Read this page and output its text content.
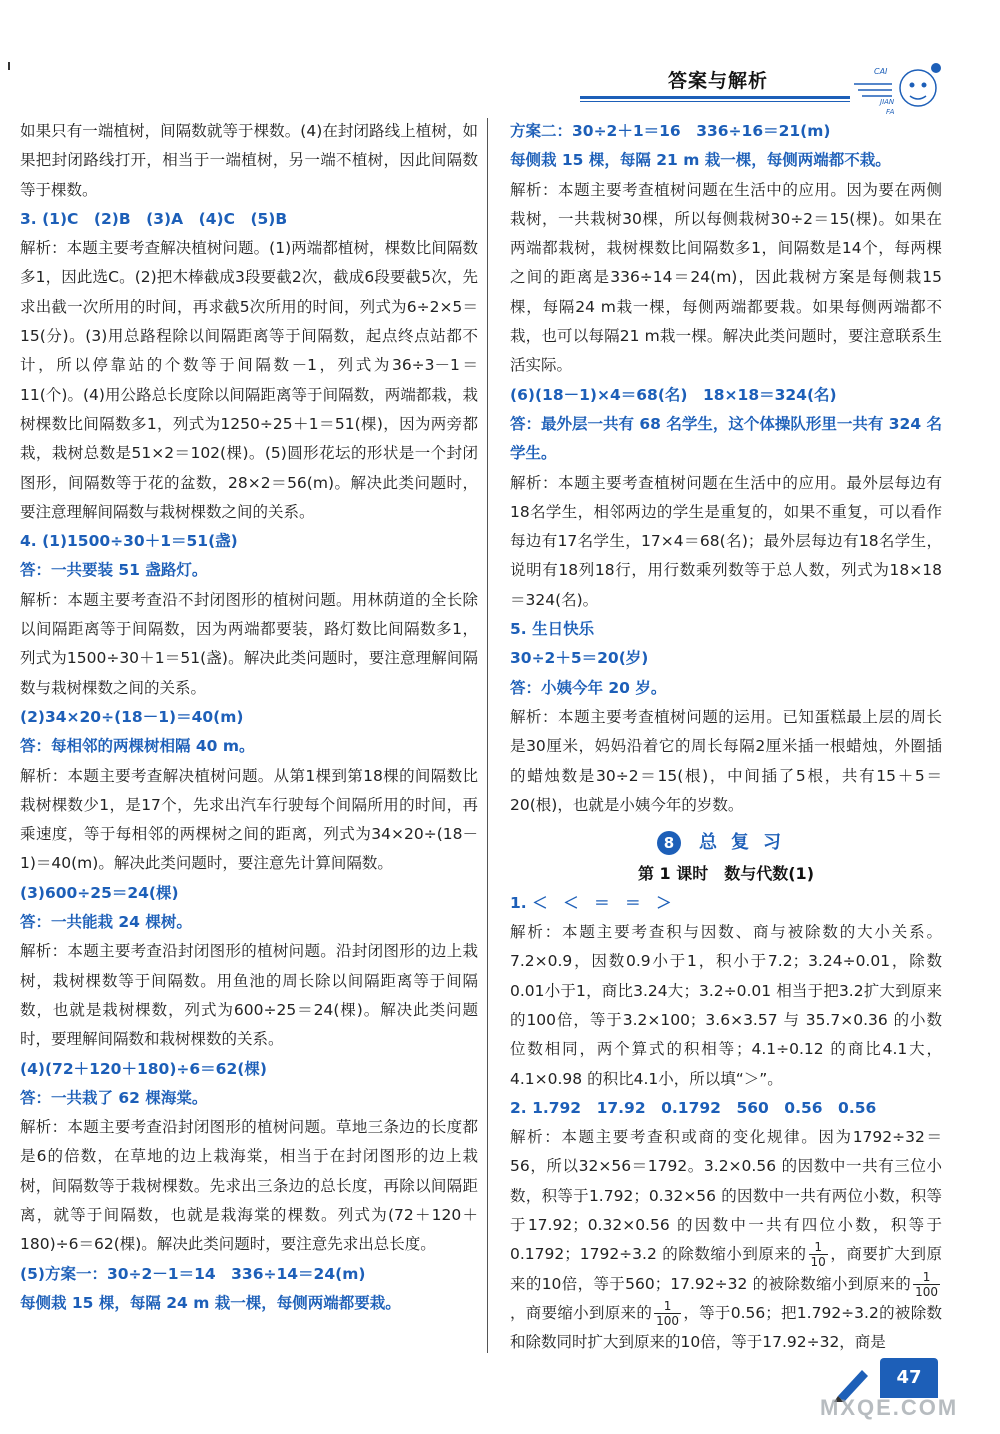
答案与解析	CAI
JIAN
FA

如果只有一端植树，间隔数就等于棵数。(4)在封闭路线上植树，如果把封闭路线打开，相当于一端植树，另一端不植树，因此间隔数等于棵数。

3. (1)C　(2)B　(3)A　(4)C　(5)B

解析：本题主要考查解决植树问题。(1)两端都植树，棵数比间隔数多1，因此选C。(2)把木棒截成3段要截2次，截成6段要截5次，先求出截一次所用的时间，再求截5次所用的时间，列式为6÷2×5＝15(分)。(3)用总路程除以间隔距离等于间隔数，起点终点站都不计，所以停靠站的个数等于间隔数－1，列式为36÷3－1＝11(个)。(4)用公路总长度除以间隔距离等于间隔数，两端都栽，栽树棵数比间隔数多1，列式为1250÷25＋1＝51(棵)，因为两旁都栽，栽树总数是51×2＝102(棵)。(5)圆形花坛的形状是一个封闭图形，间隔数等于花的盆数，28×2＝56(m)。解决此类问题时，要注意理解间隔数与栽树棵数之间的关系。

4. (1)1500÷30＋1＝51(盏)

答：一共要装 51 盏路灯。

解析：本题主要考查沿不封闭图形的植树问题。用林荫道的全长除以间隔距离等于间隔数，因为两端都要装，路灯数比间隔数多1，列式为1500÷30＋1＝51(盏)。解决此类问题时，要注意理解间隔数与栽树棵数之间的关系。

(2)34×20÷(18－1)＝40(m)

答：每相邻的两棵树相隔 40 m。

解析：本题主要考查解决植树问题。从第1棵到第18棵的间隔数比栽树棵数少1，是17个，先求出汽车行驶每个间隔所用的时间，再乘速度，等于每相邻的两棵树之间的距离，列式为34×20÷(18－1)＝40(m)。解决此类问题时，要注意先计算间隔数。

(3)600÷25＝24(棵)

答：一共能栽 24 棵树。

解析：本题主要考查沿封闭图形的植树问题。沿封闭图形的边上栽树，栽树棵数等于间隔数。用鱼池的周长除以间隔距离等于间隔数，也就是栽树棵数，列式为600÷25＝24(棵)。解决此类问题时，要理解间隔数和栽树棵数的关系。

(4)(72＋120＋180)÷6＝62(棵)

答：一共栽了 62 棵海棠。

解析：本题主要考查沿封闭图形的植树问题。草地三条边的长度都是6的倍数，在草地的边上栽海棠，相当于在封闭图形的边上栽树，间隔数等于栽树棵数。先求出三条边的总长度，再除以间隔距离，就等于间隔数，也就是栽海棠的棵数。列式为(72＋120＋180)÷6＝62(棵)。解决此类问题时，要注意先求出总长度。

(5)方案一：30÷2－1＝14　336÷14＝24(m)

每侧栽 15 棵，每隔 24 m 栽一棵，每侧两端都要栽。

方案二：30÷2＋1＝16　336÷16＝21(m)

每侧栽 15 棵，每隔 21 m 栽一棵，每侧两端都不栽。

解析：本题主要考查植树问题在生活中的应用。因为要在两侧栽树，一共栽树30棵，所以每侧栽树30÷2＝15(棵)。如果在两端都栽树，栽树棵数比间隔数多1，间隔数是14个，每两棵之间的距离是336÷14＝24(m)，因此栽树方案是每侧栽15棵，每隔24 m栽一棵，每侧两端都要栽。如果每侧两端都不栽，也可以每隔21 m栽一棵。解决此类问题时，要注意联系生活实际。

(6)(18－1)×4＝68(名)　18×18＝324(名)

答：最外层一共有 68 名学生，这个体操队形里一共有 324 名学生。

解析：本题主要考查植树问题在生活中的应用。最外层每边有18名学生，相邻两边的学生是重复的，如果不重复，可以看作每边有17名学生，17×4＝68(名)；最外层每边有18名学生，说明有18列18行，用行数乘列数等于总人数，列式为18×18＝324(名)。

5. 生日快乐

30÷2＋5＝20(岁)

答：小姨今年 20 岁。

解析：本题主要考查植树问题的运用。已知蛋糕最上层的周长是30厘米，妈妈沿着它的周长每隔2厘米插一根蜡烛，外圈插的蜡烛数是30÷2＝15(根)，中间插了5根，共有15＋5＝20(根)，也就是小姨今年的岁数。

8 总复习
第 1 课时　数与代数(1)

1. ＜　＜　＝　＝　＞

解析：本题主要考查积与因数、商与被除数的大小关系。7.2×0.9，因数0.9小于1，积小于7.2；3.24÷0.01，除数0.01小于1，商比3.24大；3.2÷0.01 相当于把3.2扩大到原来的100倍，等于3.2×100；3.6×3.57 与 35.7×0.36 的小数位数相同，两个算式的积相等；4.1÷0.12 的商比4.1大，4.1×0.98 的积比4.1小，所以填“＞”。

2. 1.792　17.92　0.1792　560　0.56　0.56

解析：本题主要考查积或商的变化规律。因为1792÷32＝56，所以32×56＝1792。3.2×0.56 的因数中一共有三位小数，积等于1.792；0.32×56 的因数中一共有两位小数，积等于17.92；0.32×0.56 的因数中一共有四位小数，积等于0.1792；1792÷3.2 的除数缩小到原来的 $\frac{1}{10}$ ，商要扩大到原来的10倍，等于560；17.92÷32 的被除数缩小到原来的 $\frac{1}{100}$
，商要缩小到原来的 $\frac{1}{100}$ ，等于0.56；把1.792÷3.2的被除数和除数同时扩大到原来的10倍，等于17.92÷32，商是

47
MXQE.COM
